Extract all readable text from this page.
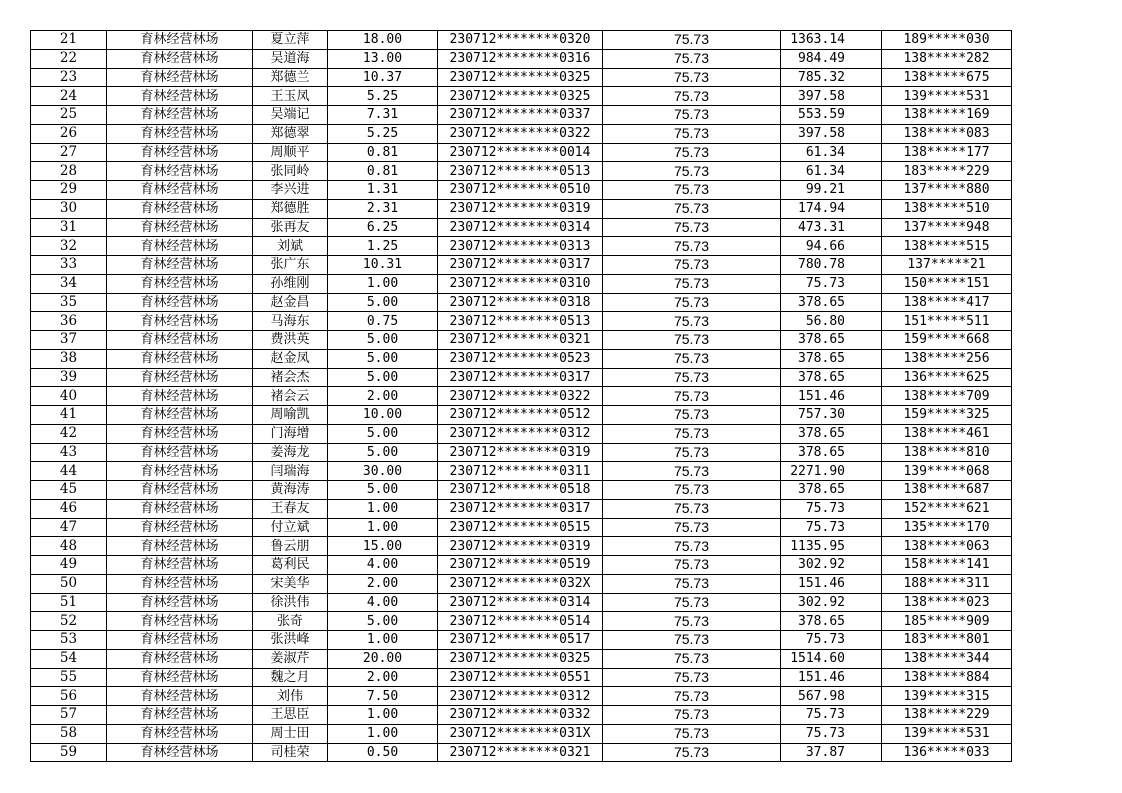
21	育林经营林场	夏立萍	18.00	230712********0320	75.73	1363.14	189*****030
22	育林经营林场	吴道海	13.00	230712********0316	75.73	984.49	138*****282
23	育林经营林场	郑德兰	10.37	230712********0325	75.73	785.32	138*****675
24	育林经营林场	王玉凤	5.25	230712********0325	75.73	397.58	139*****531
25	育林经营林场	吴端记	7.31	230712********0337	75.73	553.59	138*****169
26	育林经营林场	郑德翠	5.25	230712********0322	75.73	397.58	138*****083
27	育林经营林场	周顺平	0.81	230712********0014	75.73	61.34	138*****177
28	育林经营林场	张同岭	0.81	230712********0513	75.73	61.34	183*****229
29	育林经营林场	李兴进	1.31	230712********0510	75.73	99.21	137*****880
30	育林经营林场	郑德胜	2.31	230712********0319	75.73	174.94	138*****510
31	育林经营林场	张再友	6.25	230712********0314	75.73	473.31	137*****948
32	育林经营林场	刘斌	1.25	230712********0313	75.73	94.66	138*****515
33	育林经营林场	张广东	10.31	230712********0317	75.73	780.78	137*****21
34	育林经营林场	孙维刚	1.00	230712********0310	75.73	75.73	150*****151
35	育林经营林场	赵金昌	5.00	230712********0318	75.73	378.65	138*****417
36	育林经营林场	马海东	0.75	230712********0513	75.73	56.80	151*****511
37	育林经营林场	费洪英	5.00	230712********0321	75.73	378.65	159*****668
38	育林经营林场	赵金凤	5.00	230712********0523	75.73	378.65	138*****256
39	育林经营林场	褚会杰	5.00	230712********0317	75.73	378.65	136*****625
40	育林经营林场	褚会云	2.00	230712********0322	75.73	151.46	138*****709
41	育林经营林场	周喻凯	10.00	230712********0512	75.73	757.30	159*****325
42	育林经营林场	门海增	5.00	230712********0312	75.73	378.65	138*****461
43	育林经营林场	姜海龙	5.00	230712********0319	75.73	378.65	138*****810
44	育林经营林场	闫瑞海	30.00	230712********0311	75.73	2271.90	139*****068
45	育林经营林场	黄海涛	5.00	230712********0518	75.73	378.65	138*****687
46	育林经营林场	王春友	1.00	230712********0317	75.73	75.73	152*****621
47	育林经营林场	付立斌	1.00	230712********0515	75.73	75.73	135*****170
48	育林经营林场	鲁云朋	15.00	230712********0319	75.73	1135.95	138*****063
49	育林经营林场	葛利民	4.00	230712********0519	75.73	302.92	158*****141
50	育林经营林场	宋美华	2.00	230712********032X	75.73	151.46	188*****311
51	育林经营林场	徐洪伟	4.00	230712********0314	75.73	302.92	138*****023
52	育林经营林场	张奇	5.00	230712********0514	75.73	378.65	185*****909
53	育林经营林场	张洪峰	1.00	230712********0517	75.73	75.73	183*****801
54	育林经营林场	姜淑芹	20.00	230712********0325	75.73	1514.60	138*****344
55	育林经营林场	魏之月	2.00	230712********0551	75.73	151.46	138*****884
56	育林经营林场	刘伟	7.50	230712********0312	75.73	567.98	139*****315
57	育林经营林场	王思臣	1.00	230712********0332	75.73	75.73	138*****229
58	育林经营林场	周士田	1.00	230712********031X	75.73	75.73	139*****531
59	育林经营林场	司桂荣	0.50	230712********0321	75.73	37.87	136*****033
